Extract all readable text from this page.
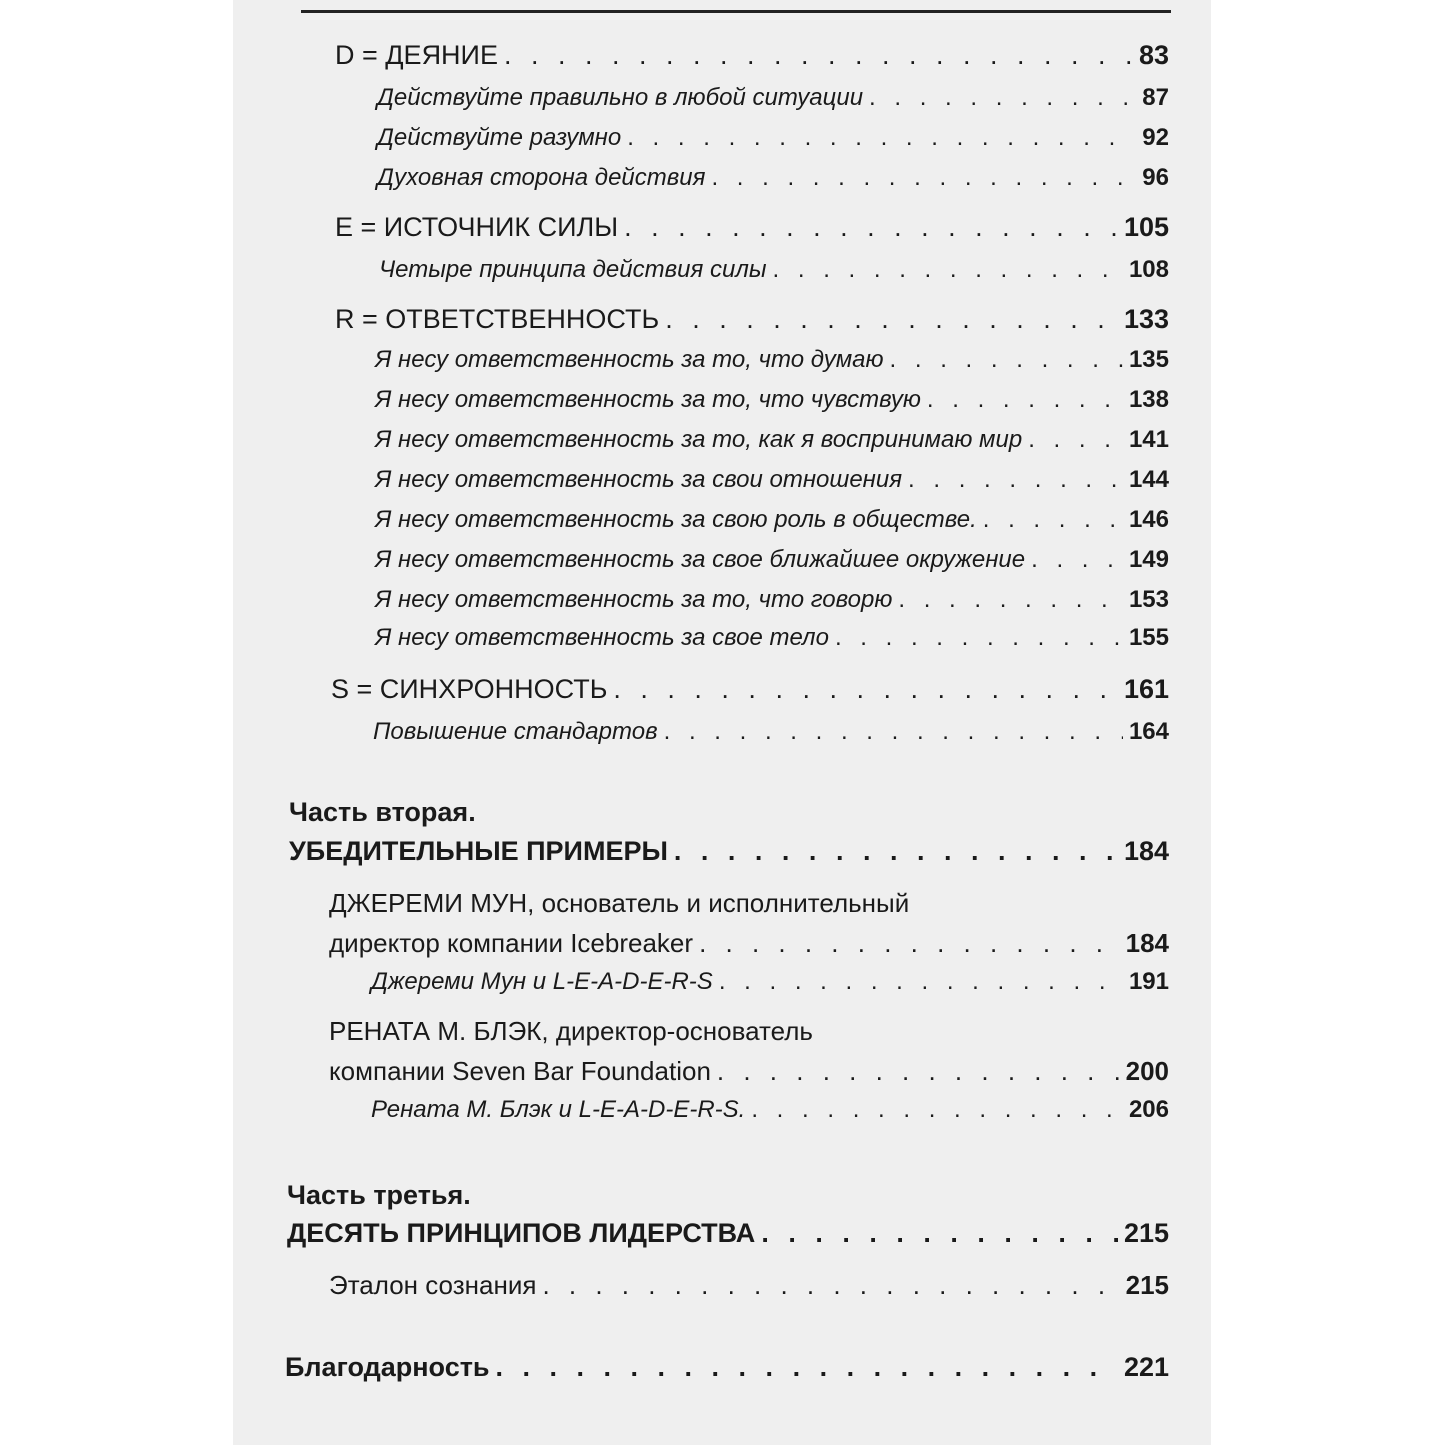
D = ДЕЯНИЕ . . .	83
Действуйте правильно в любой ситуации . . .	87
Действуйте разумно . . .	92
Духовная сторона действия . . .	96
E = ИСТОЧНИК СИЛЫ . . .	105
Четыре принципа действия силы . . .	108
R = ОТВЕТСТВЕННОСТЬ . . .	133
Я несу ответственность за то, что думаю . . .	135
Я несу ответственность за то, что чувствую . . .	138
Я несу ответственность за то, как я воспринимаю мир . . .	141
Я несу ответственность за свои отношения . . .	144
Я несу ответственность за свою роль в обществе. . . .	146
Я несу ответственность за свое ближайшее окружение . . .	149
Я несу ответственность за то, что говорю . . .	153
Я несу ответственность за свое тело . . .	155
S = СИНХРОННОСТЬ . . .	161
Повышение стандартов . . .	164
Часть вторая.
УБЕДИТЕЛЬНЫЕ ПРИМЕРЫ . . .	184
ДЖЕРЕМИ МУН, основатель и исполнительный
директор компании Icebreaker . . .	184
Джереми Мун и L-E-A-D-E-R-S . . .	191
РЕНАТА М. БЛЭК, директор-основатель
компании Seven Bar Foundation . . .	200
Рената М. Блэк и L-E-A-D-E-R-S. . . .	206
Часть третья.
ДЕСЯТЬ ПРИНЦИПОВ ЛИДЕРСТВА . . .	215
Эталон сознания . . .	215
Благодарность . . .	221
